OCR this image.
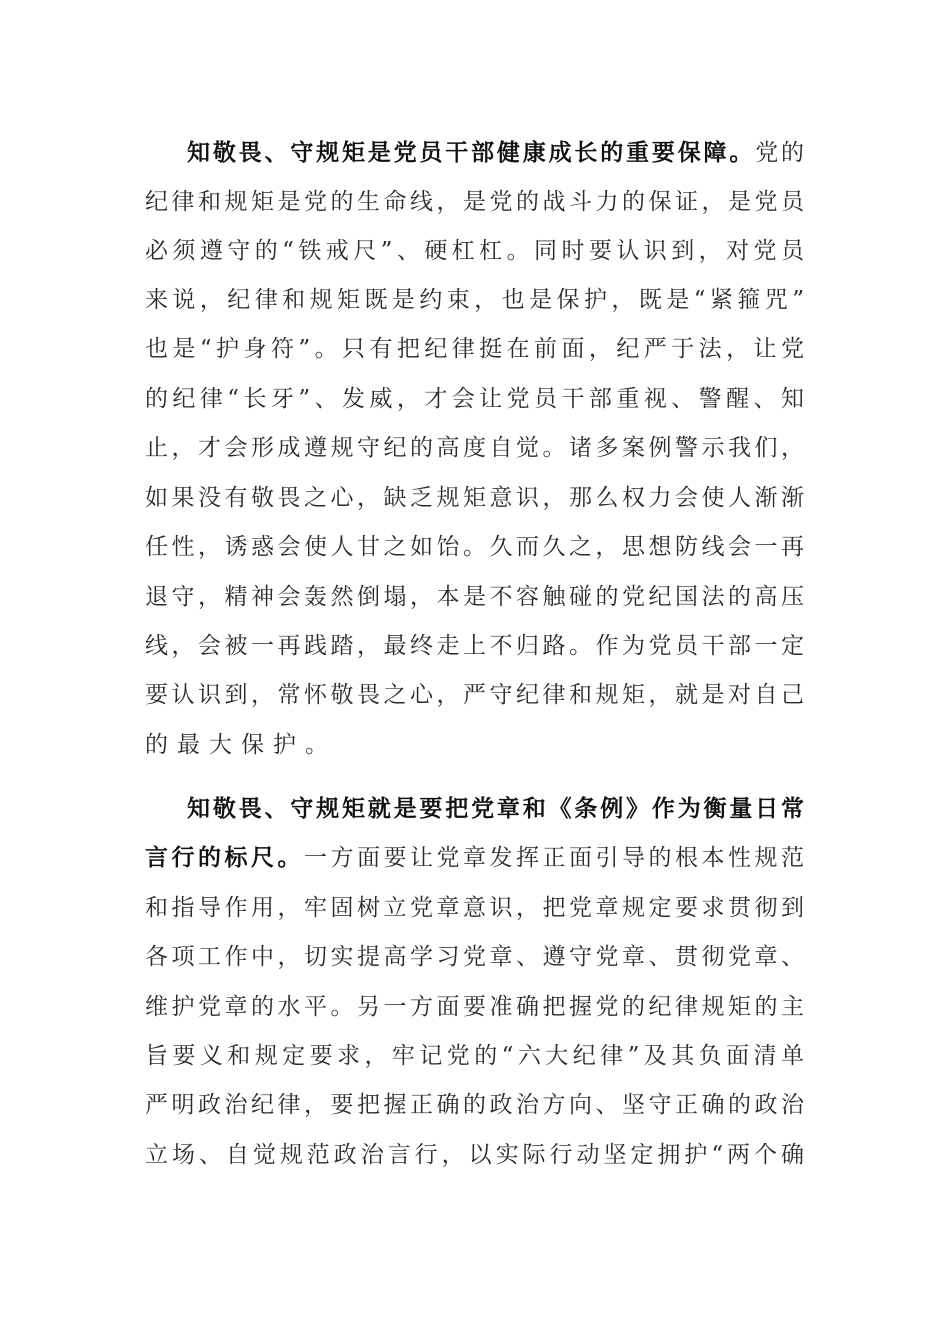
知敬畏、守规矩是党员干部健康成长的重要保障。党的

纪律和规矩是党的生命线，是党的战斗力的保证，是党员

必须遵守的“铁戒尺”、硬杠杠。同时要认识到，对党员

来说，纪律和规矩既是约束，也是保护，既是“紧箍咒”

也是“护身符”。只有把纪律挺在前面，纪严于法，让党

的纪律“长牙”、发威，才会让党员干部重视、警醒、知

止，才会形成遵规守纪的高度自觉。诸多案例警示我们，

如果没有敬畏之心，缺乏规矩意识，那么权力会使人渐渐

任性，诱惑会使人甘之如饴。久而久之，思想防线会一再

退守，精神会轰然倒塌，本是不容触碰的党纪国法的高压

线，会被一再践踏，最终走上不归路。作为党员干部一定

要认识到，常怀敬畏之心，严守纪律和规矩，就是对自己

的最大保护。

知敬畏、守规矩就是要把党章和《条例》作为衡量日常

言行的标尺。一方面要让党章发挥正面引导的根本性规范

和指导作用，牢固树立党章意识，把党章规定要求贯彻到

各项工作中，切实提高学习党章、遵守党章、贯彻党章、

维护党章的水平。另一方面要准确把握党的纪律规矩的主

旨要义和规定要求，牢记党的“六大纪律”及其负面清单

严明政治纪律，要把握正确的政治方向、坚守正确的政治

立场、自觉规范政治言行，以实际行动坚定拥护“两个确
